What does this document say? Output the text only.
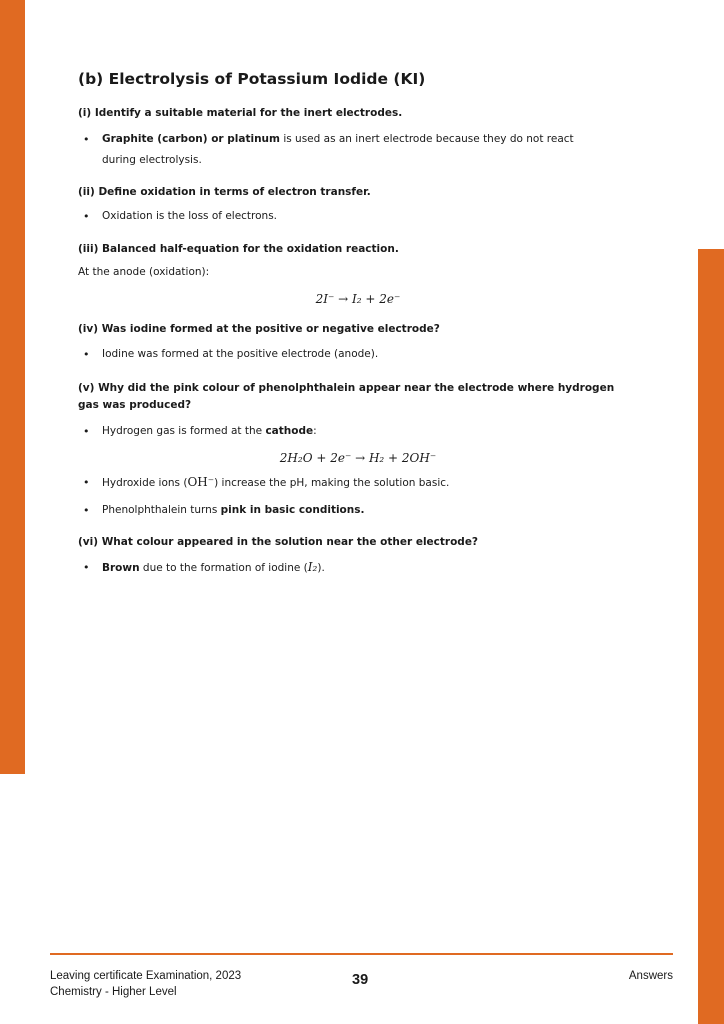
(b) Electrolysis of Potassium Iodide (KI)

(i) Identify a suitable material for the inert electrodes.

• Graphite (carbon) or platinum is used as an inert electrode because they do not react during electrolysis.

(ii) Define oxidation in terms of electron transfer.

• Oxidation is the loss of electrons.

(iii) Balanced half-equation for the oxidation reaction.

At the anode (oxidation):

2I⁻ → I₂ + 2e⁻

(iv) Was iodine formed at the positive or negative electrode?

• Iodine was formed at the positive electrode (anode).

(v) Why did the pink colour of phenolphthalein appear near the electrode where hydrogen gas was produced?

• Hydrogen gas is formed at the cathode:
2H₂O + 2e⁻ → H₂ + 2OH⁻
• Hydroxide ions (OH⁻) increase the pH, making the solution basic.
• Phenolphthalein turns pink in basic conditions.

(vi) What colour appeared in the solution near the other electrode?

• Brown due to the formation of iodine (I₂).
Leaving certificate Examination, 2023
Chemistry - Higher Level
39	Answers
